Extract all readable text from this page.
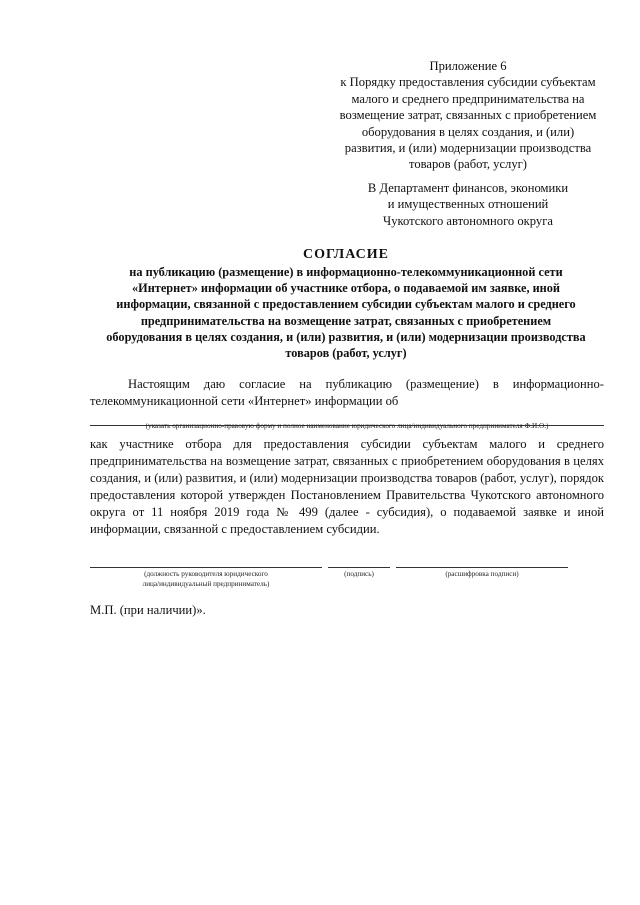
Приложение 6
к Порядку предоставления субсидии субъектам
малого и среднего предпринимательства на
возмещение затрат, связанных с приобретением
оборудования в целях создания, и (или)
развития, и (или) модернизации производства
товаров (работ, услуг)
В Департамент финансов, экономики
и имущественных отношений
Чукотского автономного округа
СОГЛАСИЕ
на публикацию (размещение) в информационно-телекоммуникационной сети
«Интернет» информации об участнике отбора, о подаваемой им заявке, иной
информации, связанной с предоставлением субсидии субъектам малого и среднего
предпринимательства на возмещение затрат, связанных с приобретением
оборудования в целях создания, и (или) развития, и (или) модернизации производства
товаров (работ, услуг)
Настоящим даю согласие на публикацию (размещение) в информационно-телекоммуникационной сети «Интернет» информации об
(указать организационно-правовую форму и полное наименование юридического лица/индивидуального предпринимателя Ф.И.О.)
как участнике отбора для предоставления субсидии субъектам малого и среднего предпринимательства на возмещение затрат, связанных с приобретением оборудования в целях создания, и (или) развития, и (или) модернизации производства товаров (работ, услуг), порядок предоставления которой утвержден Постановлением Правительства Чукотского автономного округа от 11 ноября 2019 года № 499 (далее - субсидия), о подаваемой заявке и иной информации, связанной с предоставлением субсидии.
(должность руководителя юридического
лица/индивидуальный предприниматель)
(подпись)	(расшифровка подписи)
М.П. (при наличии)».
